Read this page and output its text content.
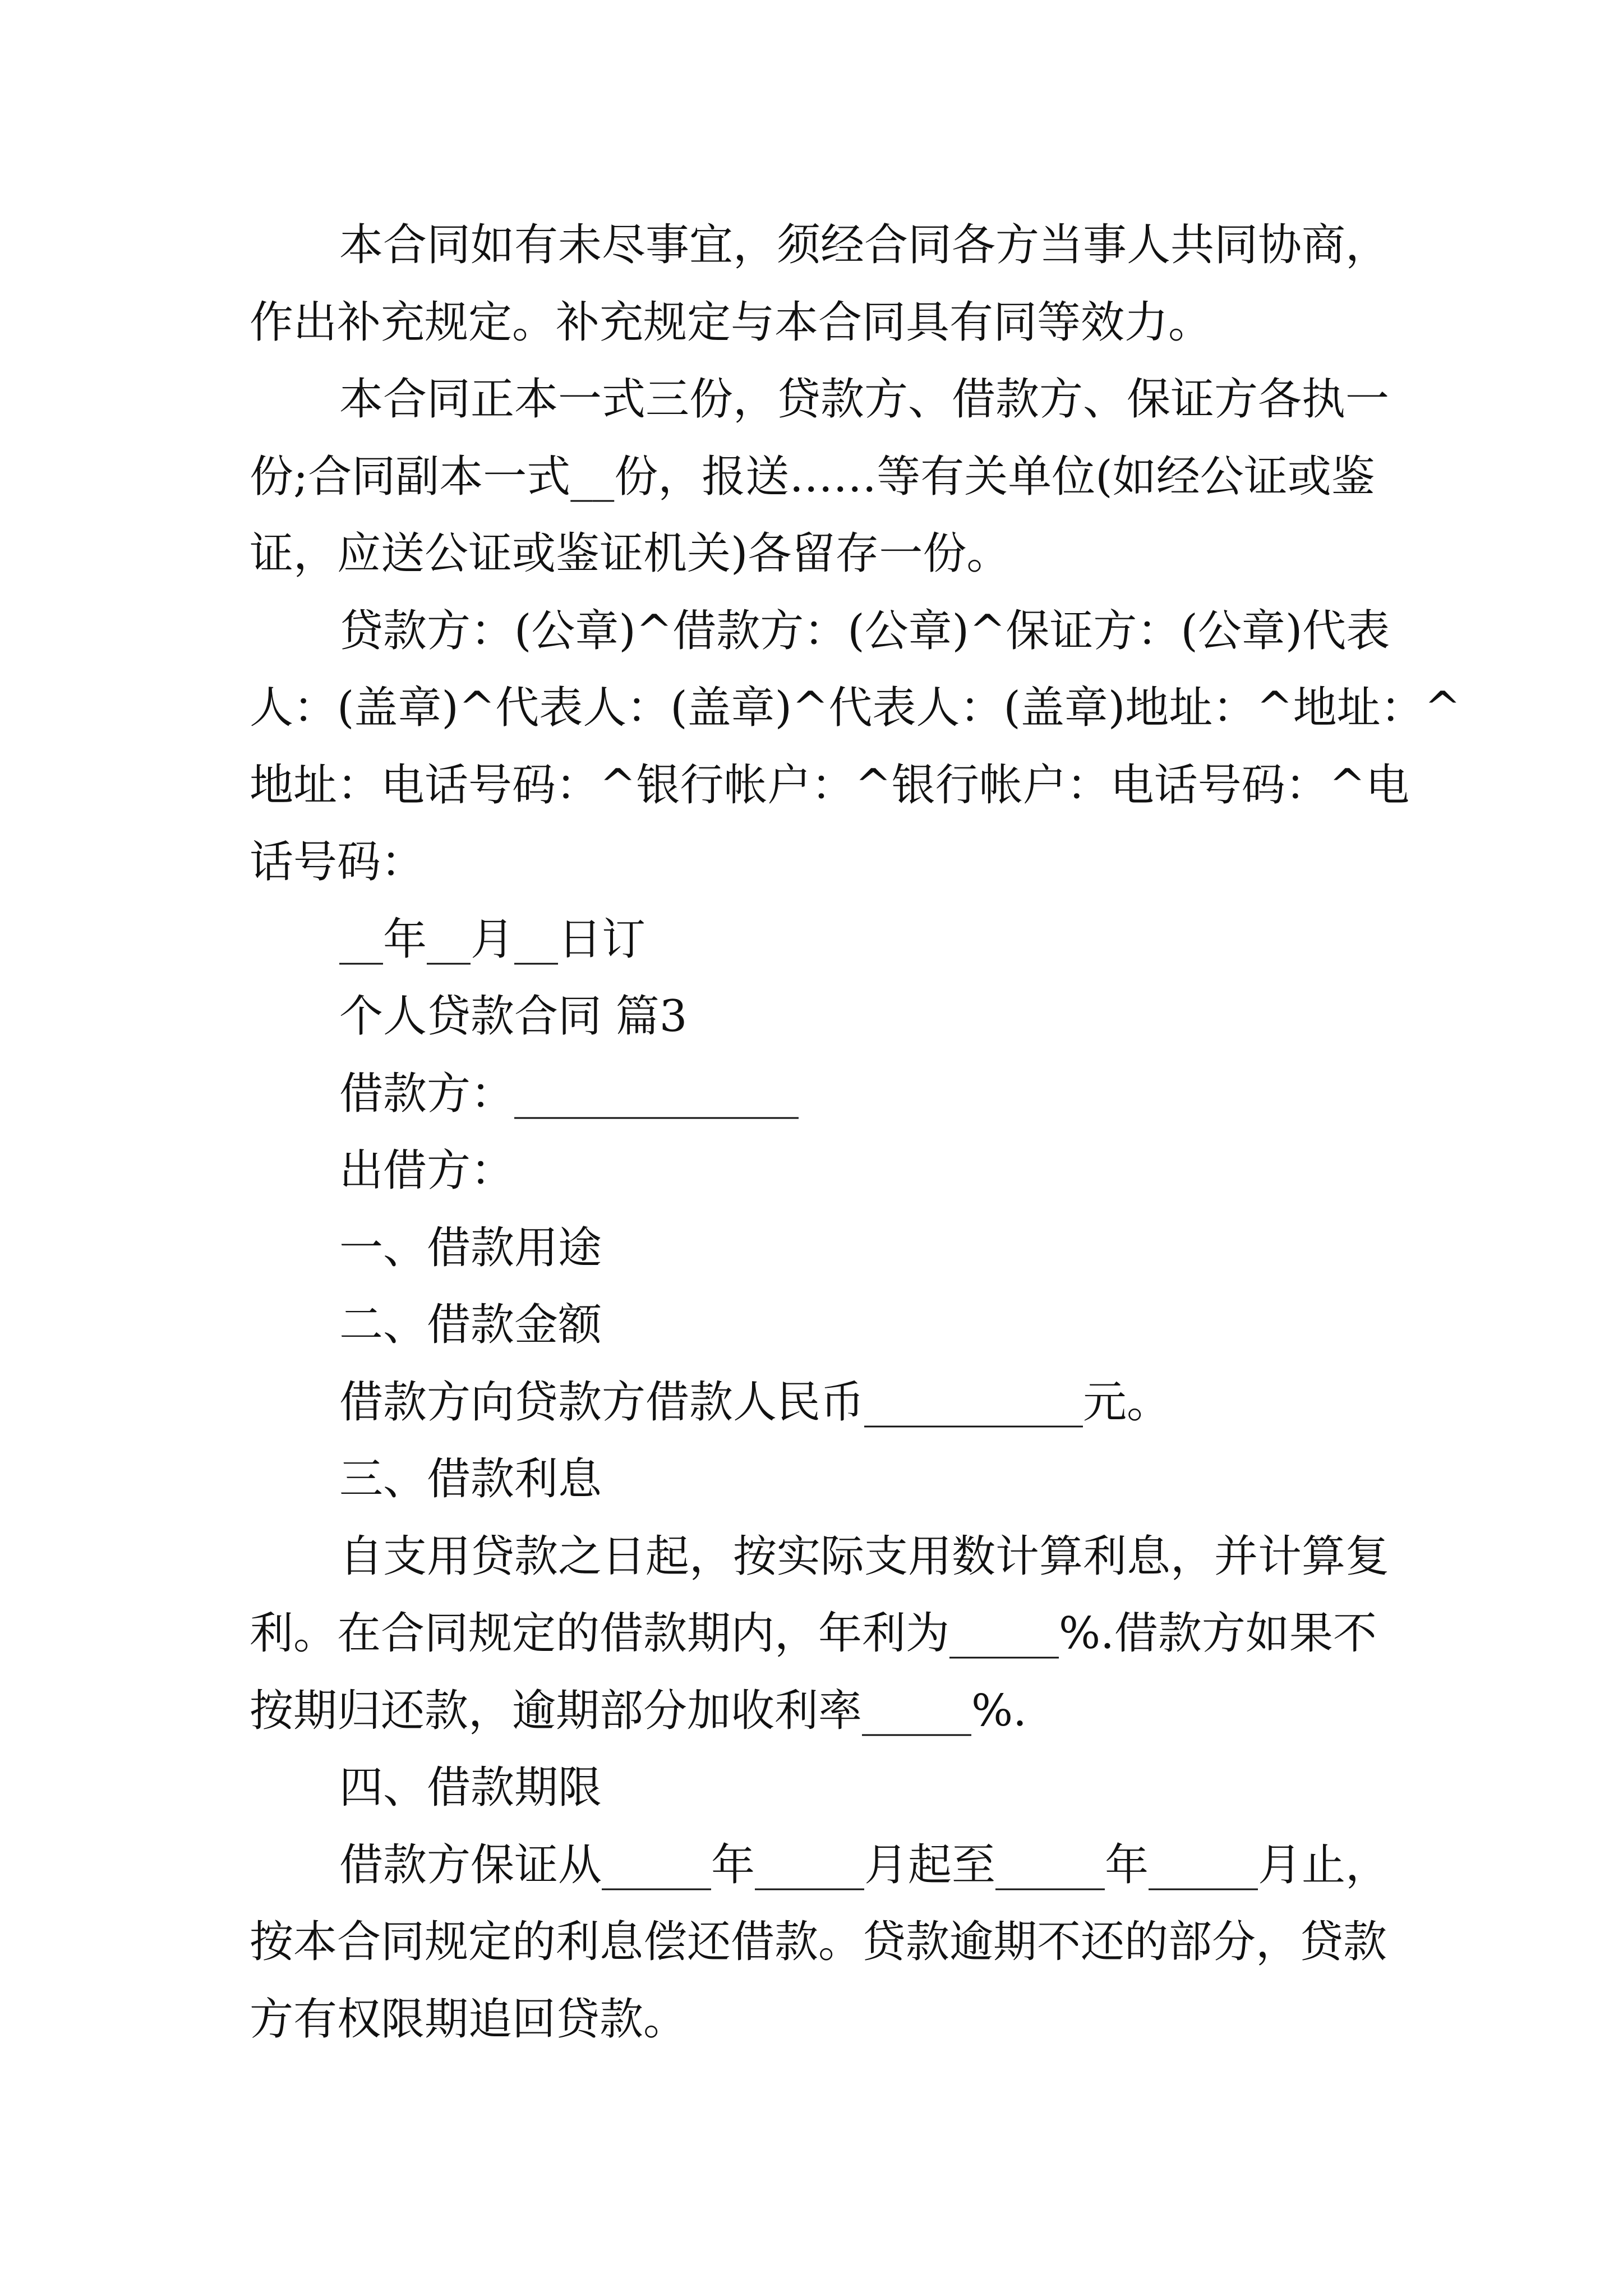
本合同如有未尽事宜，须经合同各方当事人共同协商，
作出补充规定。补充规定与本合同具有同等效力。
本合同正本一式三份，贷款方、借款方、保证方各执一
份;合同副本一式__份，报送……等有关单位(如经公证或鉴
证，应送公证或鉴证机关)各留存一份。
贷款方：(公章)^借款方：(公章)^保证方：(公章)代表
人：(盖章)^代表人：(盖章)^代表人：(盖章)地址：^地址：^
地址：电话号码：^银行帐户：^银行帐户：电话号码：^电
话号码：
__年__月__日订
个人贷款合同 篇3
借款方：_____________
出借方：
一、借款用途
二、借款金额
借款方向贷款方借款人民币__________元。
三、借款利息
自支用贷款之日起，按实际支用数计算利息，并计算复
利。在合同规定的借款期内，年利为_____%.借款方如果不
按期归还款，逾期部分加收利率_____%.
四、借款期限
借款方保证从_____年_____月起至_____年_____月止，
按本合同规定的利息偿还借款。贷款逾期不还的部分，贷款
方有权限期追回贷款。
